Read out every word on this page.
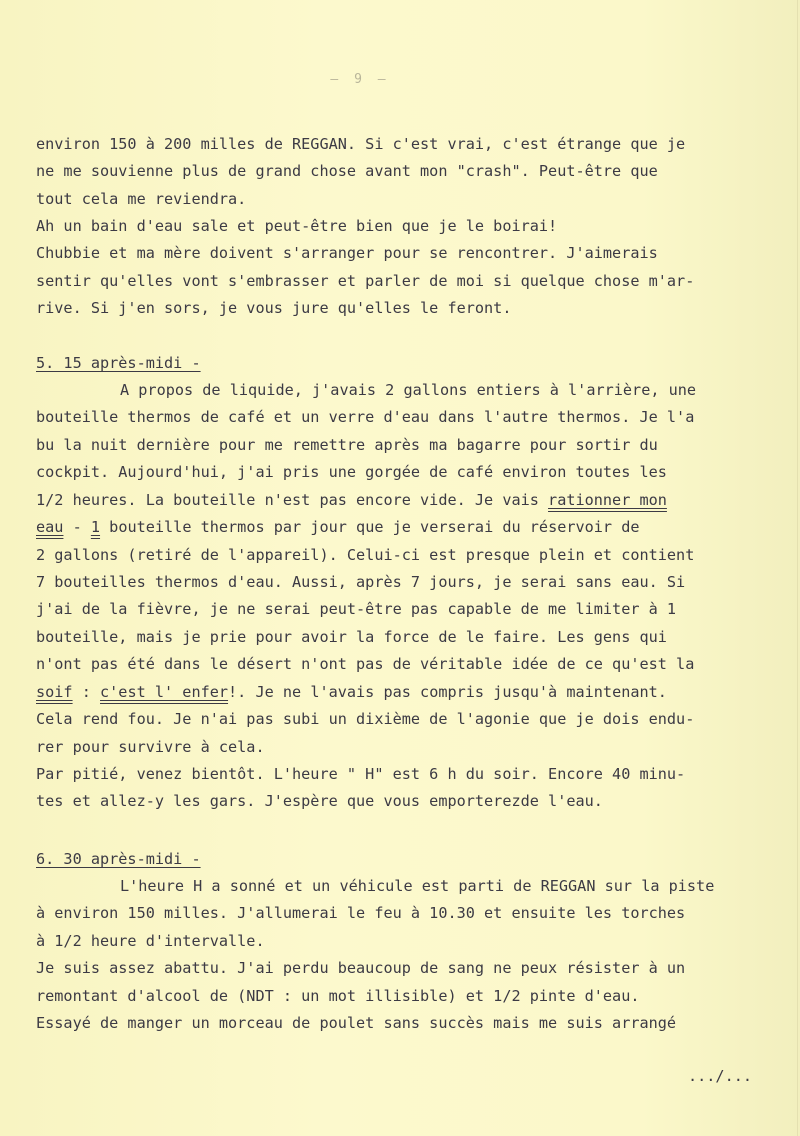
— 9 —
environ 150 à 200 milles de REGGAN. Si c'est vrai, c'est étrange que je
ne me souvienne plus de grand chose avant mon "crash". Peut-être que
tout cela me reviendra.
Ah un bain d'eau sale et peut-être bien que je le boirai!
Chubbie et ma mère doivent s'arranger pour se rencontrer. J'aimerais
sentir qu'elles vont s'embrasser et parler de moi si quelque chose m'ar-
rive. Si j'en sors, je vous jure qu'elles le feront.
5. 15 après-midi -
A propos de liquide, j'avais 2 gallons entiers à l'arrière, une
bouteille thermos de café et un verre d'eau dans l'autre thermos. Je l'a
bu la nuit dernière pour me remettre après ma bagarre pour sortir du
cockpit. Aujourd'hui, j'ai pris une gorgée de café environ toutes les
1/2 heures. La bouteille n'est pas encore vide. Je vais rationner mon
eau - 1 bouteille thermos par jour que je verserai du réservoir de
2 gallons (retiré de l'appareil). Celui-ci est presque plein et contient
7 bouteilles thermos d'eau. Aussi, après 7 jours, je serai sans eau. Si
j'ai de la fièvre, je ne serai peut-être pas capable de me limiter à 1
bouteille, mais je prie pour avoir la force de le faire. Les gens qui
n'ont pas été dans le désert n'ont pas de véritable idée de ce qu'est la
soif : c'est l' enfer!. Je ne l'avais pas compris jusqu'à maintenant.
Cela rend fou. Je n'ai pas subi un dixième de l'agonie que je dois endu-
rer pour survivre à cela.
Par pitié, venez bientôt. L'heure " H" est 6 h du soir. Encore 40 minu-
tes et allez-y les gars. J'espère que vous emporterezde l'eau.
6. 30 après-midi -
L'heure H a sonné et un véhicule est parti de REGGAN sur la piste
à environ 150 milles. J'allumerai le feu à 10.30 et ensuite les torches
à 1/2 heure d'intervalle.
Je suis assez abattu. J'ai perdu beaucoup de sang ne peux résister à un
remontant d'alcool de (NDT : un mot illisible) et 1/2 pinte d'eau.
Essayé de manger un morceau de poulet sans succès mais me suis arrangé
.../...
